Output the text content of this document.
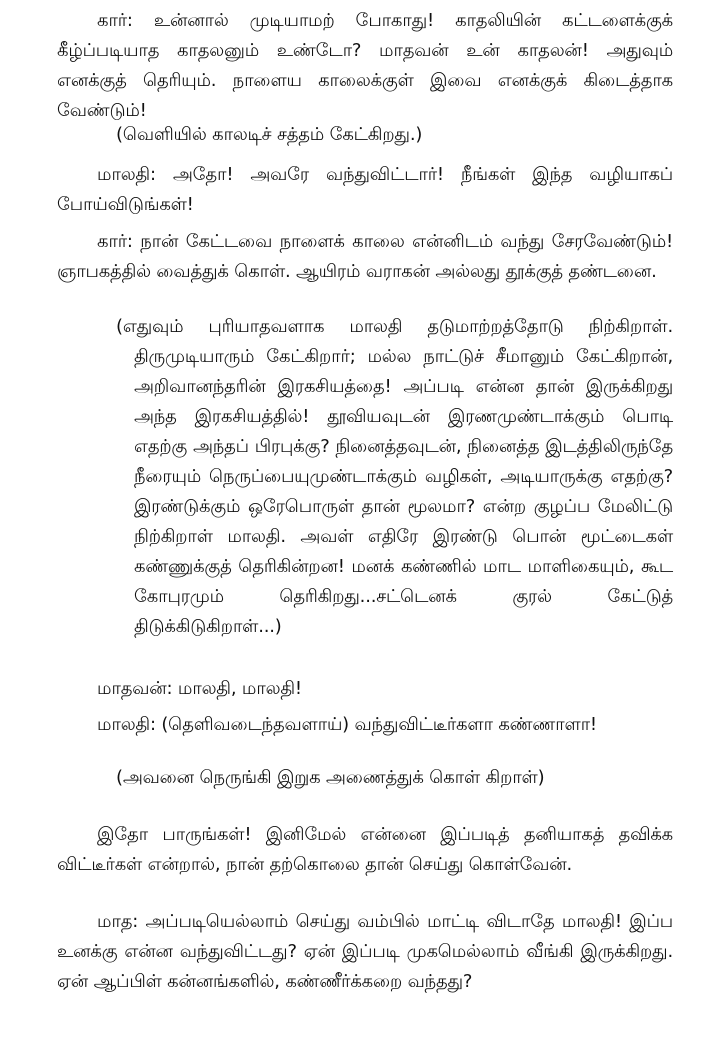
கார்: உன்னால் முடியாமற் போகாது! காதலியின் கட்டளைக்குக் கீழ்ப்படியாத காதலனும் உண்டோ? மாதவன் உன் காதலன்! அதுவும் எனக்குத் தெரியும். நாளைய காலைக்குள் இவை எனக்குக் கிடைத்தாக வேண்டும்!

(வெளியில் காலடிச் சத்தம் கேட்கிறது.)

மாலதி: அதோ! அவரே வந்துவிட்டார்! நீங்கள் இந்த வழியாகப் போய்விடுங்கள்!

கார்: நான் கேட்டவை நாளைக் காலை என்னிடம் வந்து சேரவேண்டும்! ஞாபகத்தில் வைத்துக் கொள். ஆயிரம் வராகன் அல்லது தூக்குத் தண்டனை.

(எதுவும் புரியாதவளாக மாலதி தடுமாற்றத்தோடு நிற்கிறாள். திருமுடியாரும் கேட்கிறார்; மல்ல நாட்டுச் சீமானும் கேட்கிறான், அறிவானந்தரின் இரகசியத்தை! அப்படி என்ன தான் இருக்கிறது அந்த இரகசியத்தில்! தூவியவுடன் இரணமுண்டாக்கும் பொடி எதற்கு அந்தப் பிரபுக்கு? நினைத்தவுடன், நினைத்த இடத்திலிருந்தே நீரையும் நெருப்பையுமுண்டாக்கும் வழிகள், அடியாருக்கு எதற்கு? இரண்டுக்கும் ஒரேபொருள் தான் மூலமா? என்ற குழப்ப மேலிட்டு நிற்கிறாள் மாலதி. அவள் எதிரே இரண்டு பொன் மூட்டைகள் கண்ணுக்குத் தெரிகின்றன! மனக் கண்ணில் மாட மாளிகையும், கூட கோபுரமும் தெரிகிறது...சட்டெனக் குரல் கேட்டுத் திடுக்கிடுகிறாள்...)

மாதவன்: மாலதி, மாலதி!

மாலதி: (தெளிவடைந்தவளாய்) வந்துவிட்டீர்களா கண்ணாளா!

(அவனை நெருங்கி இறுக அணைத்துக் கொள் கிறாள்)

இதோ பாருங்கள்! இனிமேல் என்னை இப்படித் தனியாகத் தவிக்க விட்டீர்கள் என்றால், நான் தற்கொலை தான் செய்து கொள்வேன்.

மாத: அப்படியெல்லாம் செய்து வம்பில் மாட்டி விடாதே மாலதி! இப்ப உனக்கு என்ன வந்துவிட்டது? ஏன் இப்படி முகமெல்லாம் வீங்கி இருக்கிறது. ஏன் ஆப்பிள் கன்னங்களில், கண்ணீர்க்கறை வந்தது?
